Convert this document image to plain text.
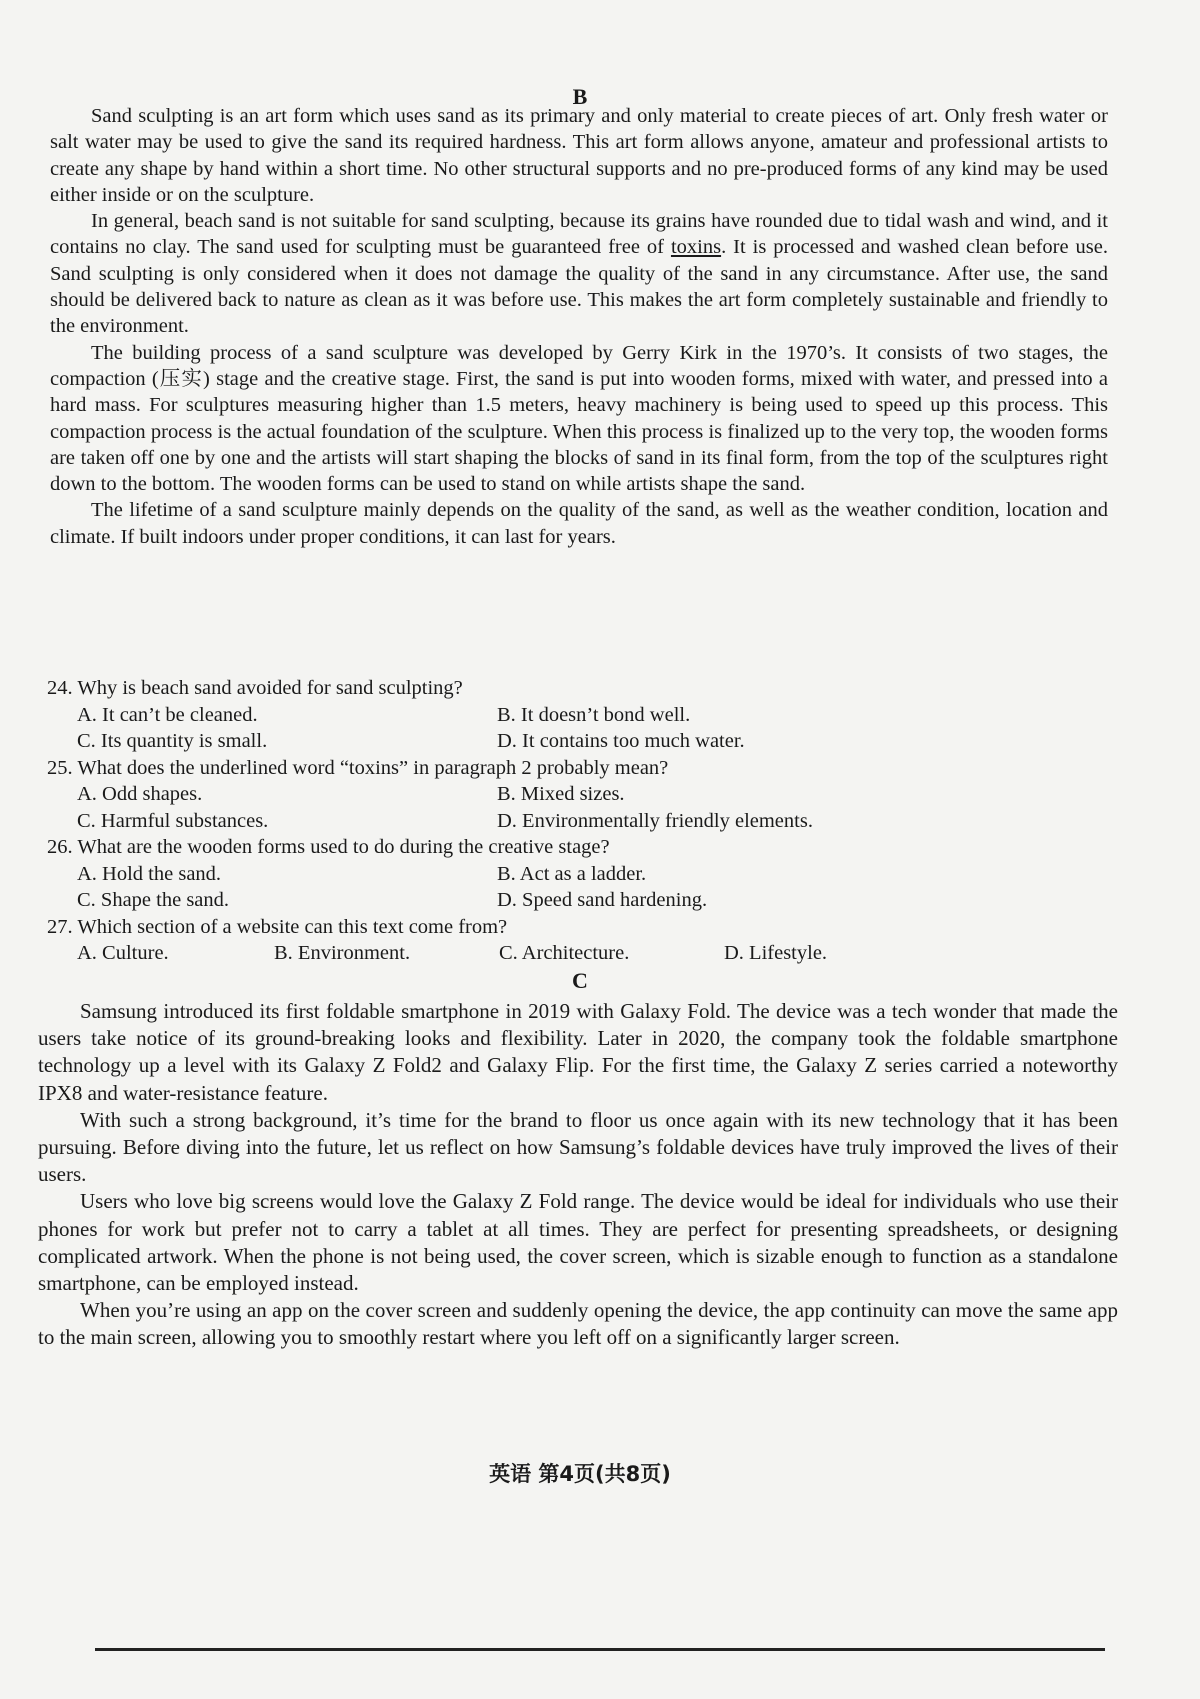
B

Sand sculpting is an art form which uses sand as its primary and only material to create pieces of art. Only fresh water or salt water may be used to give the sand its required hardness. This art form allows anyone, amateur and professional artists to create any shape by hand within a short time. No other structural supports and no pre-produced forms of any kind may be used either inside or on the sculpture.

In general, beach sand is not suitable for sand sculpting, because its grains have rounded due to tidal wash and wind, and it contains no clay. The sand used for sculpting must be guaranteed free of toxins. It is processed and washed clean before use. Sand sculpting is only considered when it does not damage the quality of the sand in any circumstance. After use, the sand should be delivered back to nature as clean as it was before use. This makes the art form completely sustainable and friendly to the environment.

The building process of a sand sculpture was developed by Gerry Kirk in the 1970’s. It consists of two stages, the compaction (压实) stage and the creative stage. First, the sand is put into wooden forms, mixed with water, and pressed into a hard mass. For sculptures measuring higher than 1.5 meters, heavy machinery is being used to speed up this process. This compaction process is the actual foundation of the sculpture. When this process is finalized up to the very top, the wooden forms are taken off one by one and the artists will start shaping the blocks of sand in its final form, from the top of the sculptures right down to the bottom. The wooden forms can be used to stand on while artists shape the sand.

The lifetime of a sand sculpture mainly depends on the quality of the sand, as well as the weather condition, location and climate. If built indoors under proper conditions, it can last for years.

24. Why is beach sand avoided for sand sculpting?

A. It can’t be cleaned.	B. It doesn’t bond well.

C. Its quantity is small.	D. It contains too much water.

25. What does the underlined word “toxins” in paragraph 2 probably mean?

A. Odd shapes.	B. Mixed sizes.

C. Harmful substances.	D. Environmentally friendly elements.

26. What are the wooden forms used to do during the creative stage?

A. Hold the sand.	B. Act as a ladder.

C. Shape the sand.	D. Speed sand hardening.

27. Which section of a website can this text come from?

A. Culture.	B. Environment.	C. Architecture.	D. Lifestyle.

C

Samsung introduced its first foldable smartphone in 2019 with Galaxy Fold. The device was a tech wonder that made the users take notice of its ground-breaking looks and flexibility. Later in 2020, the company took the foldable smartphone technology up a level with its Galaxy Z Fold2 and Galaxy Flip. For the first time, the Galaxy Z series carried a noteworthy IPX8 and water-resistance feature.

With such a strong background, it’s time for the brand to floor us once again with its new technology that it has been pursuing. Before diving into the future, let us reflect on how Samsung’s foldable devices have truly improved the lives of their users.

Users who love big screens would love the Galaxy Z Fold range. The device would be ideal for individuals who use their phones for work but prefer not to carry a tablet at all times. They are perfect for presenting spreadsheets, or designing complicated artwork. When the phone is not being used, the cover screen, which is sizable enough to function as a standalone smartphone, can be employed instead.

When you’re using an app on the cover screen and suddenly opening the device, the app continuity can move the same app to the main screen, allowing you to smoothly restart where you left off on a significantly larger screen.

英语 第4页(共8页)
